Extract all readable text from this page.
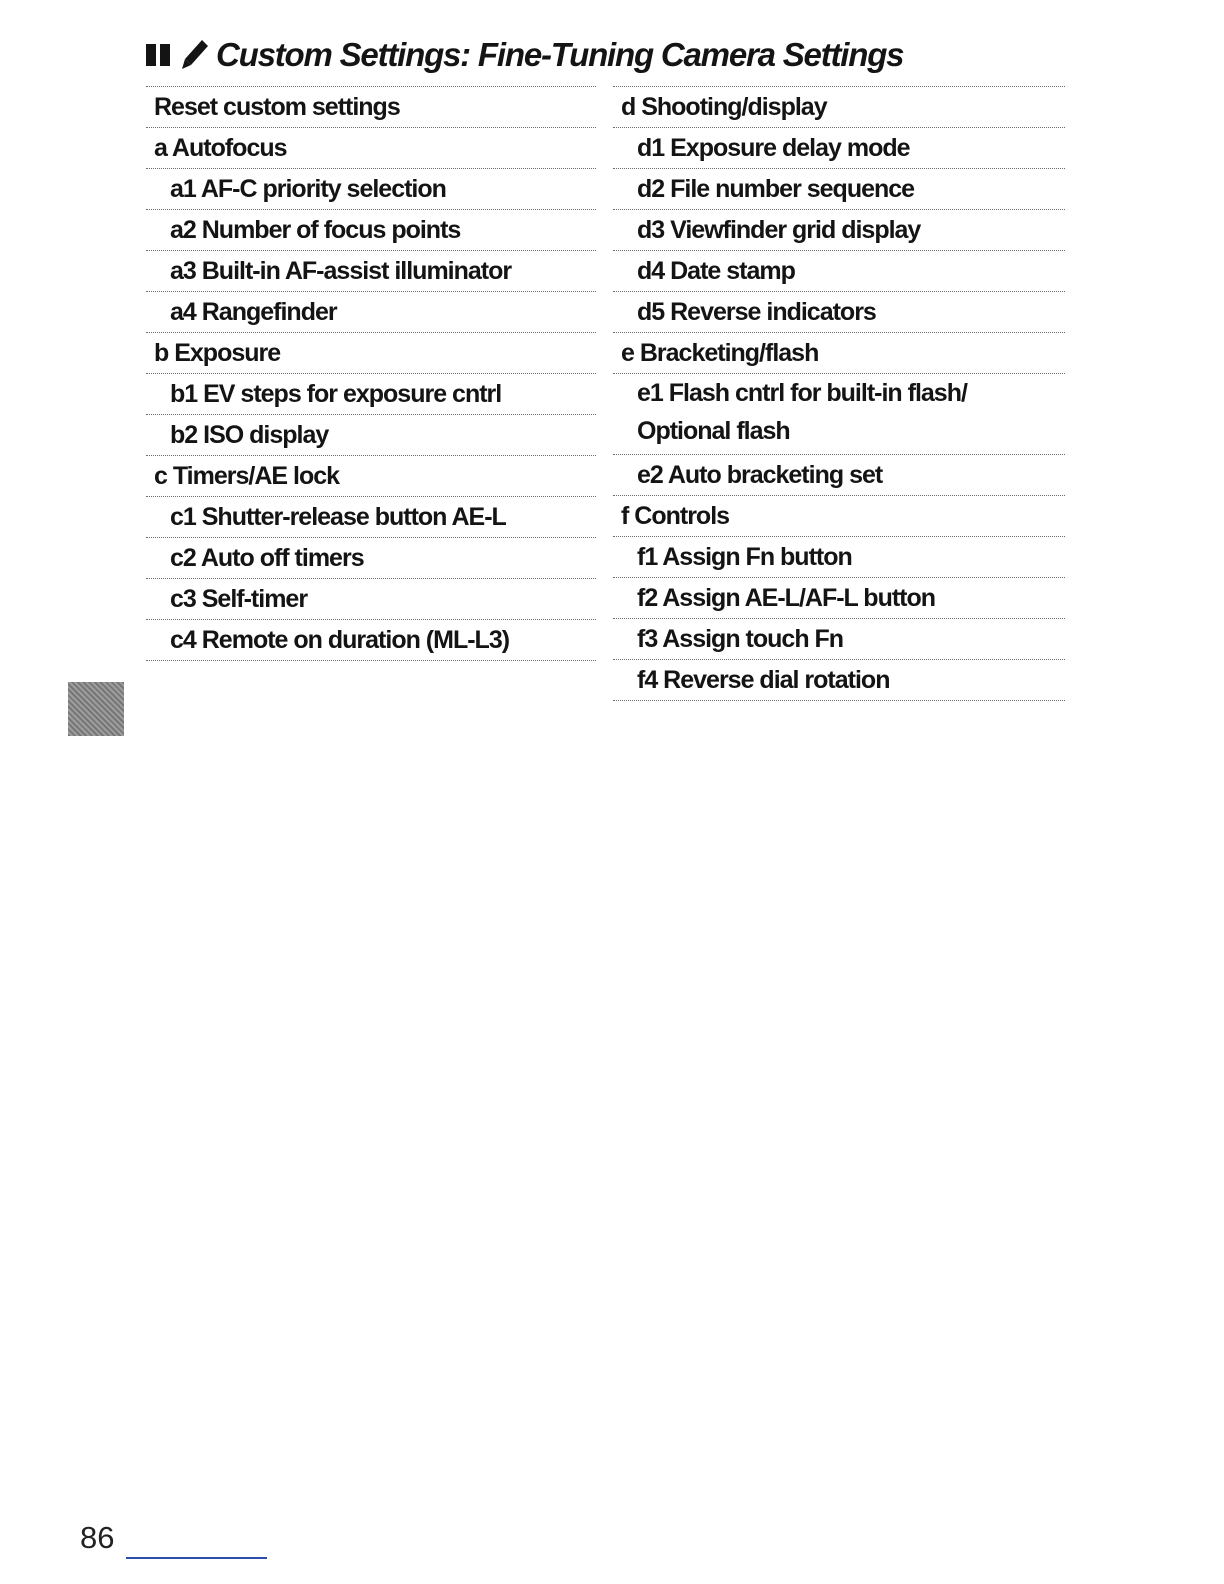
Custom Settings: Fine-Tuning Camera Settings
Reset custom settings
a Autofocus
a1 AF-C priority selection
a2 Number of focus points
a3 Built-in AF-assist illuminator
a4 Rangefinder
b Exposure
b1 EV steps for exposure cntrl
b2 ISO display
c Timers/AE lock
c1 Shutter-release button AE-L
c2 Auto off timers
c3 Self-timer
c4 Remote on duration (ML-L3)
d Shooting/display
d1 Exposure delay mode
d2 File number sequence
d3 Viewfinder grid display
d4 Date stamp
d5 Reverse indicators
e Bracketing/flash
e1 Flash cntrl for built-in flash/
Optional flash
e2 Auto bracketing set
f Controls
f1 Assign Fn button
f2 Assign AE-L/AF-L button
f3 Assign touch Fn
f4 Reverse dial rotation
86
